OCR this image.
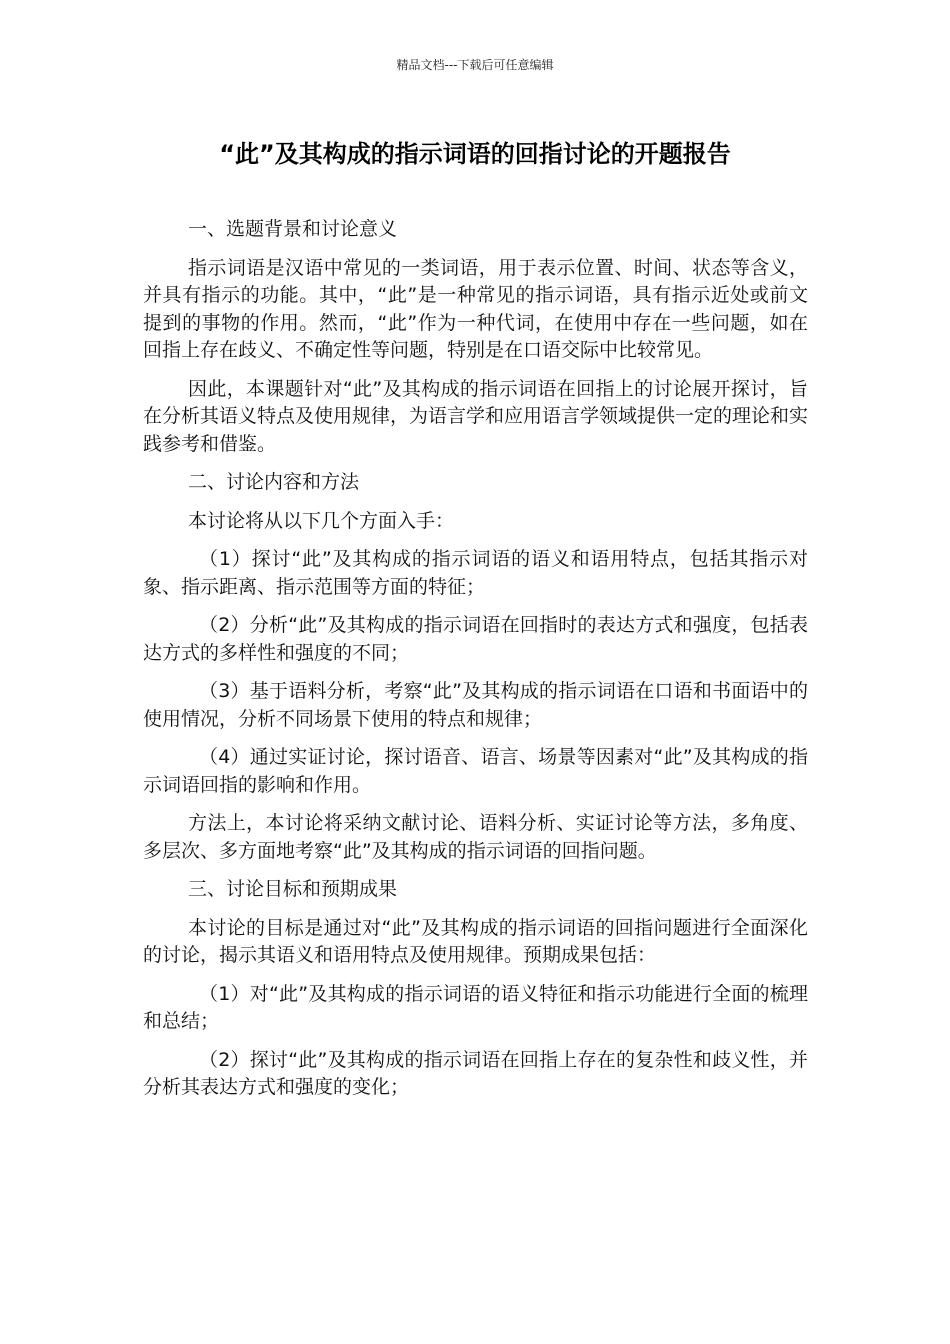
精品文档---下载后可任意编辑
“此”及其构成的指示词语的回指讨论的开题报告

一、选题背景和讨论意义

指示词语是汉语中常见的一类词语，用于表示位置、时间、状态等含义，并具有指示的功能。其中，“此”是一种常见的指示词语，具有指示近处或前文提到的事物的作用。然而，“此”作为一种代词，在使用中存在一些问题，如在回指上存在歧义、不确定性等问题，特别是在口语交际中比较常见。

因此，本课题针对“此”及其构成的指示词语在回指上的讨论展开探讨，旨在分析其语义特点及使用规律，为语言学和应用语言学领域提供一定的理论和实践参考和借鉴。

二、讨论内容和方法

本讨论将从以下几个方面入手：

（1）探讨“此”及其构成的指示词语的语义和语用特点，包括其指示对象、指示距离、指示范围等方面的特征；

（2）分析“此”及其构成的指示词语在回指时的表达方式和强度，包括表达方式的多样性和强度的不同；

（3）基于语料分析，考察“此”及其构成的指示词语在口语和书面语中的使用情况，分析不同场景下使用的特点和规律；

（4）通过实证讨论，探讨语音、语言、场景等因素对“此”及其构成的指示词语回指的影响和作用。

方法上，本讨论将采纳文献讨论、语料分析、实证讨论等方法，多角度、多层次、多方面地考察“此”及其构成的指示词语的回指问题。

三、讨论目标和预期成果

本讨论的目标是通过对“此”及其构成的指示词语的回指问题进行全面深化的讨论，揭示其语义和语用特点及使用规律。预期成果包括：

（1）对“此”及其构成的指示词语的语义特征和指示功能进行全面的梳理和总结；

（2）探讨“此”及其构成的指示词语在回指上存在的复杂性和歧义性，并分析其表达方式和强度的变化；
